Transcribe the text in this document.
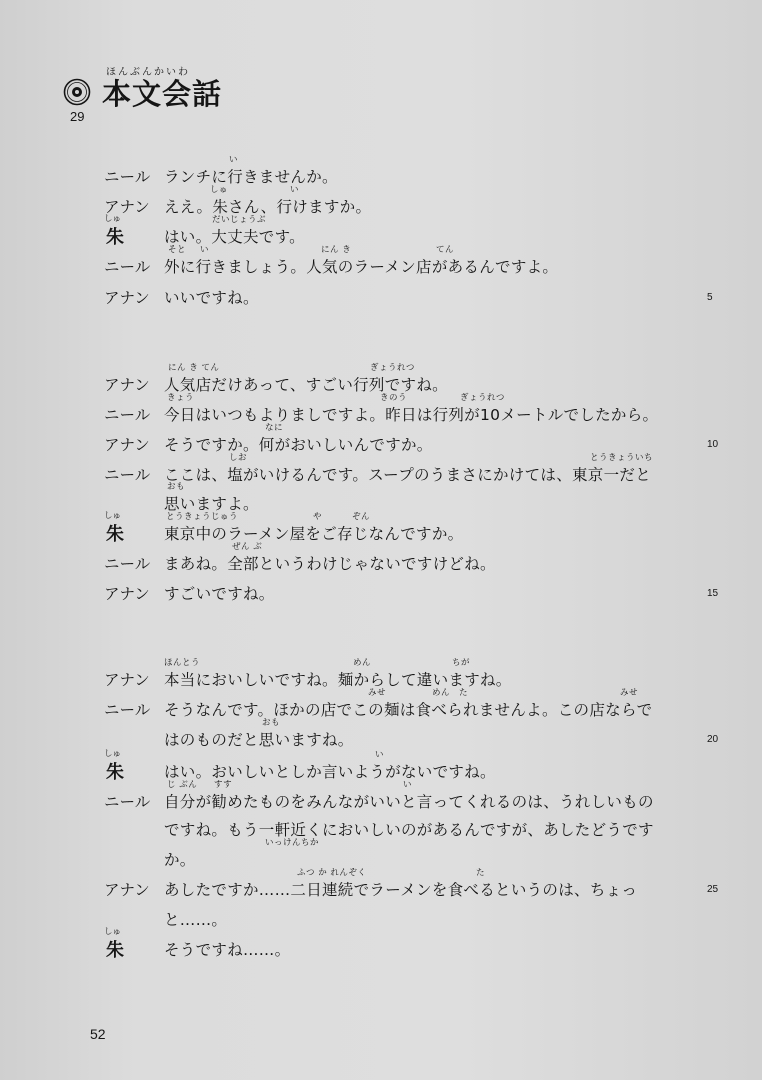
29
ほんぶんかいわ
本文会話
ニール
い
ランチに行きませんか。
アナン
しゅ	い
ええ。朱さん、行けますか。
しゅ
朱
だいじょうぶ
はい。大丈夫です。
ニール
そと い	にん き	てん
外に行きましょう。人気のラーメン店があるんですよ。
アナン いいですね。	5
アナン
にん き てん	ぎょうれつ
人気店だけあって、すごい行列ですね。
ニール
きょう	きのう	ぎょうれつ
今日はいつもよりましですよ。昨日は行列が10メートルでしたから。
アナン
なに
そうですか。何がおいしいんですか。	10
ニール
しお	とうきょういち
ここは、塩がいけるんです。スープのうまさにかけては、東京一だと
おも
思いますよ。
しゅ
朱
とうきょうじゅう	や	ぞん
東京中のラーメン屋をご存じなんですか。
ニール
ぜん ぶ
まあね。全部というわけじゃないですけどね。
アナン すごいですね。	15
アナン
ほんとう	めん	ちが
本当においしいですね。麺からして違いますね。
ニール
みせ	めん た	みせ
そうなんです。ほかの店でこの麺は食べられませんよ。この店ならで
おも
はのものだと思いますね。	20
しゅ
朱
い
はい。おいしいとしか言いようがないですね。
ニール
じ ぶん すす	い
自分が勧めたものをみんながいいと言ってくれるのは、うれしいもの
ですね。もう一軒近くにおいしいのがあるんですが、あしたどうです
いっけんちか
か。
アナン
ふつ か れんぞく	た
あしたですか……二日連続でラーメンを食べるというのは、ちょっ	25
と……。
しゅ
朱	そうですね……。
52
